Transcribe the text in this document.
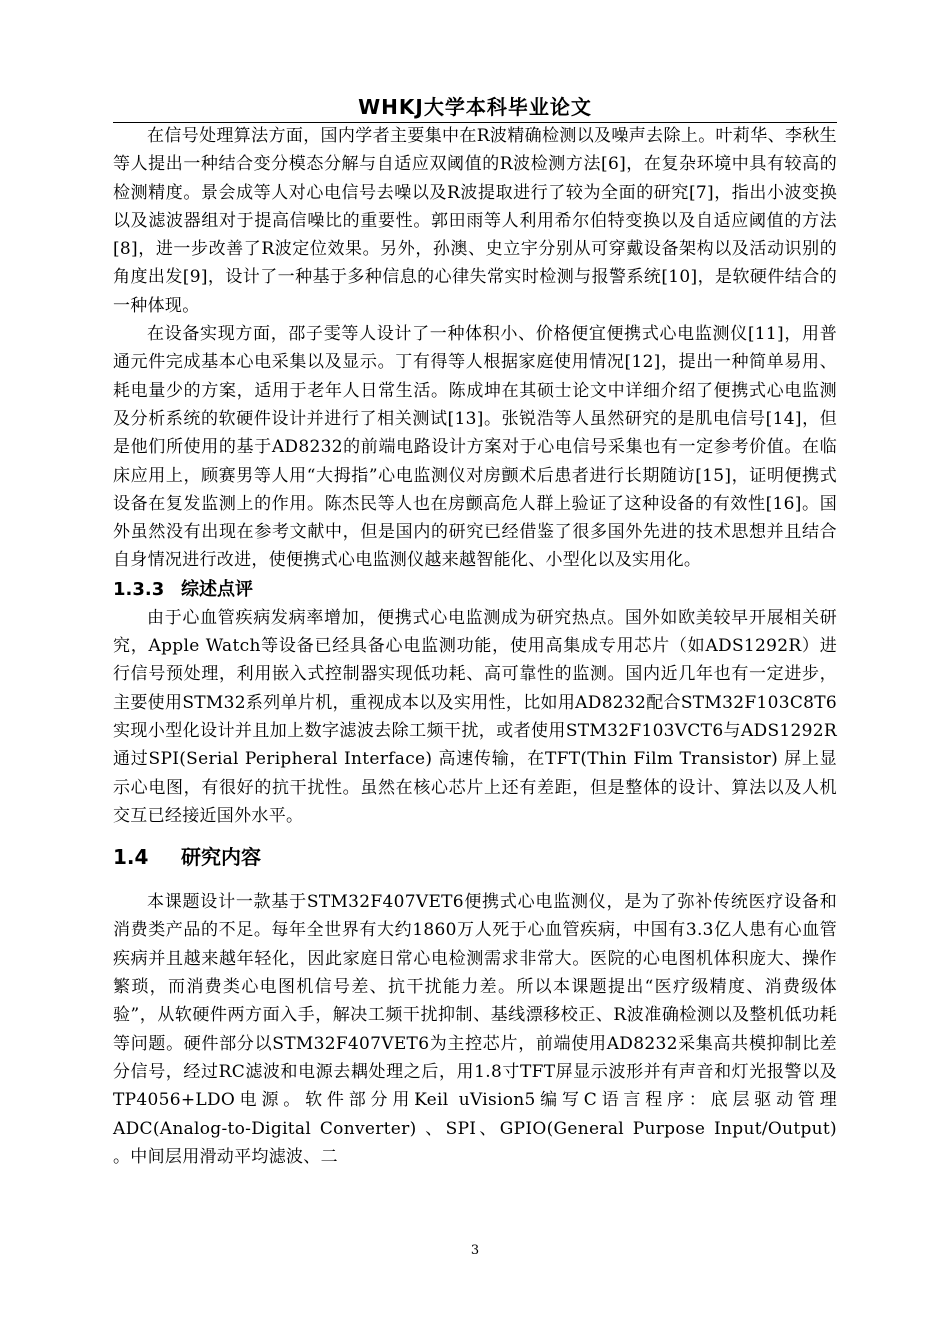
WHKJ大学本科毕业论文

在信号处理算法方面，国内学者主要集中在R波精确检测以及噪声去除上。叶莉华、李秋生等人提出一种结合变分模态分解与自适应双阈值的R波检测方法[6]，在复杂环境中具有较高的检测精度。景会成等人对心电信号去噪以及R波提取进行了较为全面的研究[7]，指出小波变换以及滤波器组对于提高信噪比的重要性。郭田雨等人利用希尔伯特变换以及自适应阈值的方法[8]，进一步改善了R波定位效果。另外，孙澳、史立宇分别从可穿戴设备架构以及活动识别的角度出发[9]，设计了一种基于多种信息的心律失常实时检测与报警系统[10]，是软硬件结合的一种体现。

在设备实现方面，邵子雯等人设计了一种体积小、价格便宜便携式心电监测仪[11]，用普通元件完成基本心电采集以及显示。丁有得等人根据家庭使用情况[12]，提出一种简单易用、耗电量少的方案，适用于老年人日常生活。陈成坤在其硕士论文中详细介绍了便携式心电监测及分析系统的软硬件设计并进行了相关测试[13]。张锐浩等人虽然研究的是肌电信号[14]，但是他们所使用的基于AD8232的前端电路设计方案对于心电信号采集也有一定参考价值。在临床应用上，顾赛男等人用“大拇指”心电监测仪对房颤术后患者进行长期随访[15]，证明便携式设备在复发监测上的作用。陈杰民等人也在房颤高危人群上验证了这种设备的有效性[16]。国外虽然没有出现在参考文献中，但是国内的研究已经借鉴了很多国外先进的技术思想并且结合自身情况进行改进，使便携式心电监测仪越来越智能化、小型化以及实用化。

1.3.3 综述点评

由于心血管疾病发病率增加，便携式心电监测成为研究热点。国外如欧美较早开展相关研究，Apple Watch等设备已经具备心电监测功能，使用高集成专用芯片（如ADS1292R）进行信号预处理，利用嵌入式控制器实现低功耗、高可靠性的监测。国内近几年也有一定进步，主要使用STM32系列单片机，重视成本以及实用性，比如用AD8232配合STM32F103C8T6实现小型化设计并且加上数字滤波去除工频干扰，或者使用STM32F103VCT6与ADS1292R通过SPI(Serial Peripheral Interface) 高速传输，在TFT(Thin Film Transistor) 屏上显示心电图，有很好的抗干扰性。虽然在核心芯片上还有差距，但是整体的设计、算法以及人机交互已经接近国外水平。

1.4 研究内容

本课题设计一款基于STM32F407VET6便携式心电监测仪，是为了弥补传统医疗设备和消费类产品的不足。每年全世界有大约1860万人死于心血管疾病，中国有3.3亿人患有心血管疾病并且越来越年轻化，因此家庭日常心电检测需求非常大。医院的心电图机体积庞大、操作繁琐，而消费类心电图机信号差、抗干扰能力差。所以本课题提出“医疗级精度、消费级体验”，从软硬件两方面入手，解决工频干扰抑制、基线漂移校正、R波准确检测以及整机低功耗等问题。硬件部分以STM32F407VET6为主控芯片，前端使用AD8232采集高共模抑制比差分信号，经过RC滤波和电源去耦处理之后，用1.8寸TFT屏显示波形并有声音和灯光报警以及TP4056+LDO电源。软件部分用Keil uVision5编写C语言程序：底层驱动管理ADC(Analog-to-Digital Converter) 、SPI、GPIO(General Purpose Input/Output) 。中间层用滑动平均滤波、二

3
